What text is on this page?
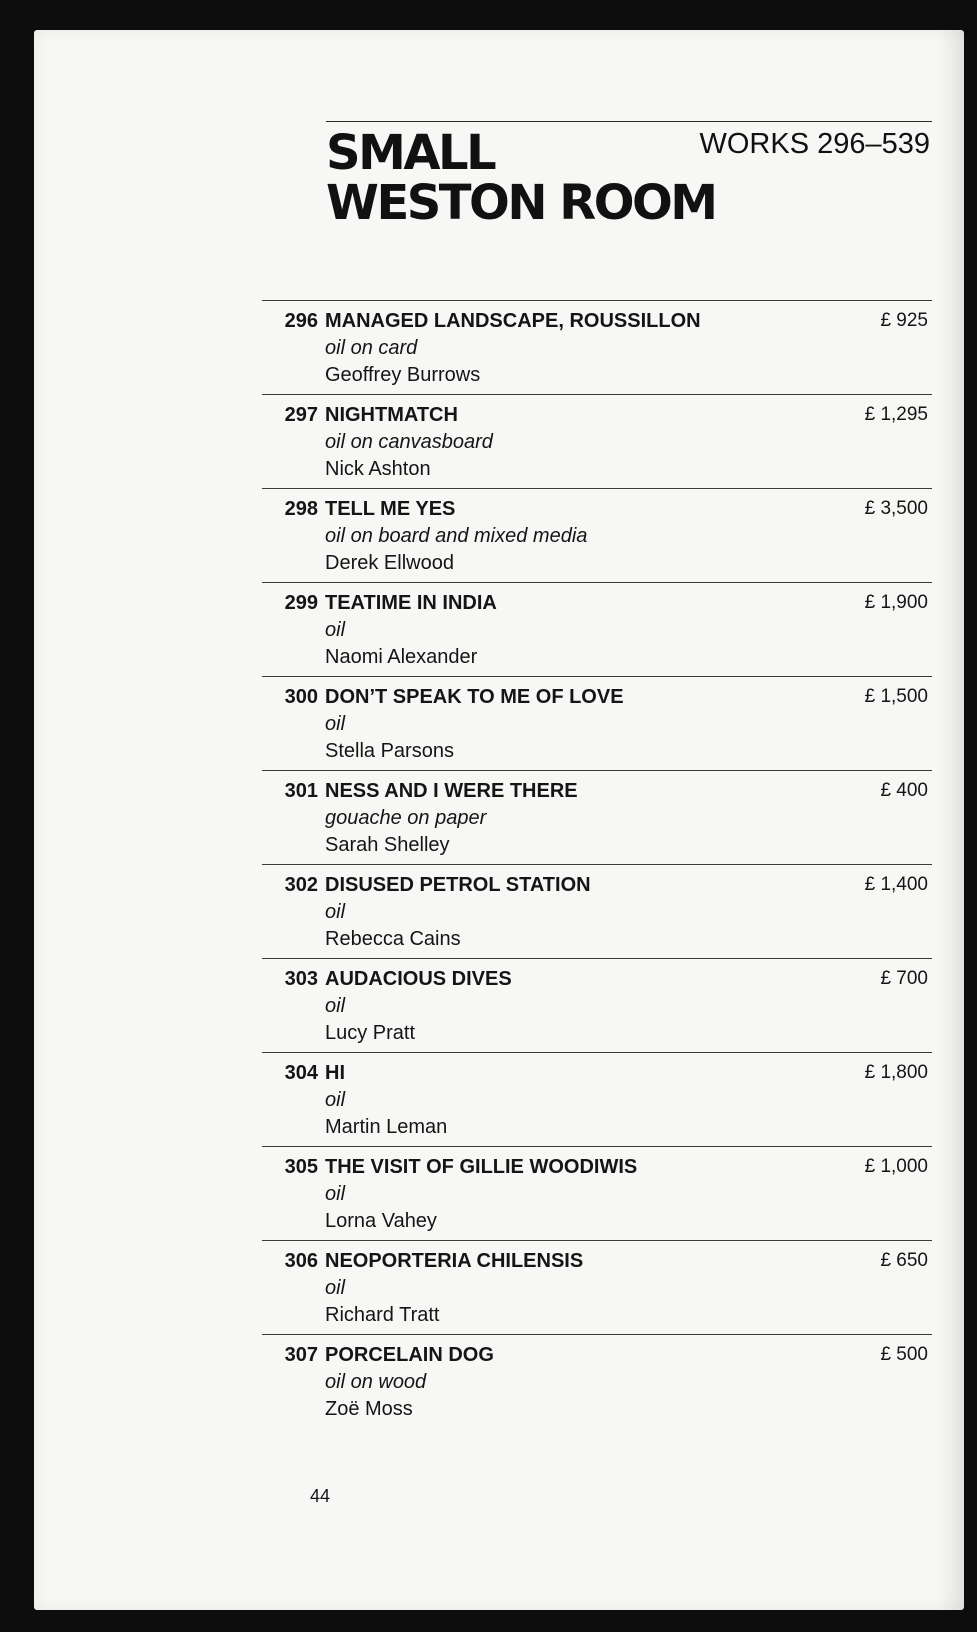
SMALL
WESTON ROOM
WORKS 296–539
296 MANAGED LANDSCAPE, ROUSSILLON
oil on card
Geoffrey Burrows
£ 925
297 NIGHTMATCH
oil on canvasboard
Nick Ashton
£ 1,295
298 TELL ME YES
oil on board and mixed media
Derek Ellwood
£ 3,500
299 TEATIME IN INDIA
oil
Naomi Alexander
£ 1,900
300 DON’T SPEAK TO ME OF LOVE
oil
Stella Parsons
£ 1,500
301 NESS AND I WERE THERE
gouache on paper
Sarah Shelley
£ 400
302 DISUSED PETROL STATION
oil
Rebecca Cains
£ 1,400
303 AUDACIOUS DIVES
oil
Lucy Pratt
£ 700
304 HI
oil
Martin Leman
£ 1,800
305 THE VISIT OF GILLIE WOODIWIS
oil
Lorna Vahey
£ 1,000
306 NEOPORTERIA CHILENSIS
oil
Richard Tratt
£ 650
307 PORCELAIN DOG
oil on wood
Zoë Moss
£ 500
44
